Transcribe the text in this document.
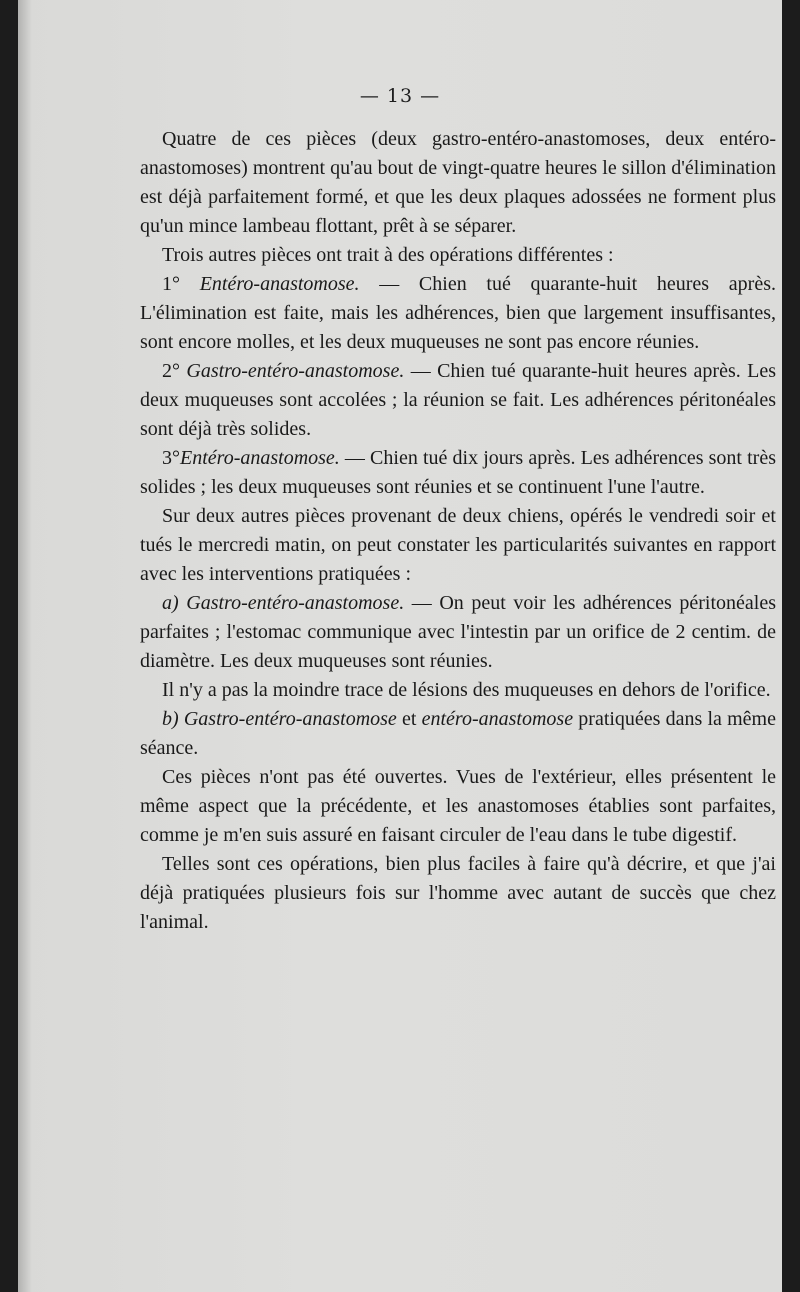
— 13 —

Quatre de ces pièces (deux gastro-entéro-anastomoses, deux entéro-anastomoses) montrent qu'au bout de vingt-quatre heures le sillon d'élimination est déjà parfaitement formé, et que les deux plaques adossées ne forment plus qu'un mince lambeau flottant, prêt à se séparer.

Trois autres pièces ont trait à des opérations différentes :

1° Entéro-anastomose. — Chien tué quarante-huit heures après. L'élimination est faite, mais les adhérences, bien que largement insuffisantes, sont encore molles, et les deux muqueuses ne sont pas encore réunies.

2° Gastro-entéro-anastomose. — Chien tué quarante-huit heures après. Les deux muqueuses sont accolées ; la réunion se fait. Les adhérences péritonéales sont déjà très solides.

3°Entéro-anastomose. — Chien tué dix jours après. Les adhérences sont très solides ; les deux muqueuses sont réunies et se continuent l'une l'autre.

Sur deux autres pièces provenant de deux chiens, opérés le vendredi soir et tués le mercredi matin, on peut constater les particularités suivantes en rapport avec les interventions pratiquées :

a) Gastro-entéro-anastomose. — On peut voir les adhérences péritonéales parfaites ; l'estomac communique avec l'intestin par un orifice de 2 centim. de diamètre. Les deux muqueuses sont réunies.

Il n'y a pas la moindre trace de lésions des muqueuses en dehors de l'orifice.

b) Gastro-entéro-anastomose et entéro-anastomose pratiquées dans la même séance.

Ces pièces n'ont pas été ouvertes. Vues de l'extérieur, elles présentent le même aspect que la précédente, et les anastomoses établies sont parfaites, comme je m'en suis assuré en faisant circuler de l'eau dans le tube digestif.

Telles sont ces opérations, bien plus faciles à faire qu'à décrire, et que j'ai déjà pratiquées plusieurs fois sur l'homme avec autant de succès que chez l'animal.
